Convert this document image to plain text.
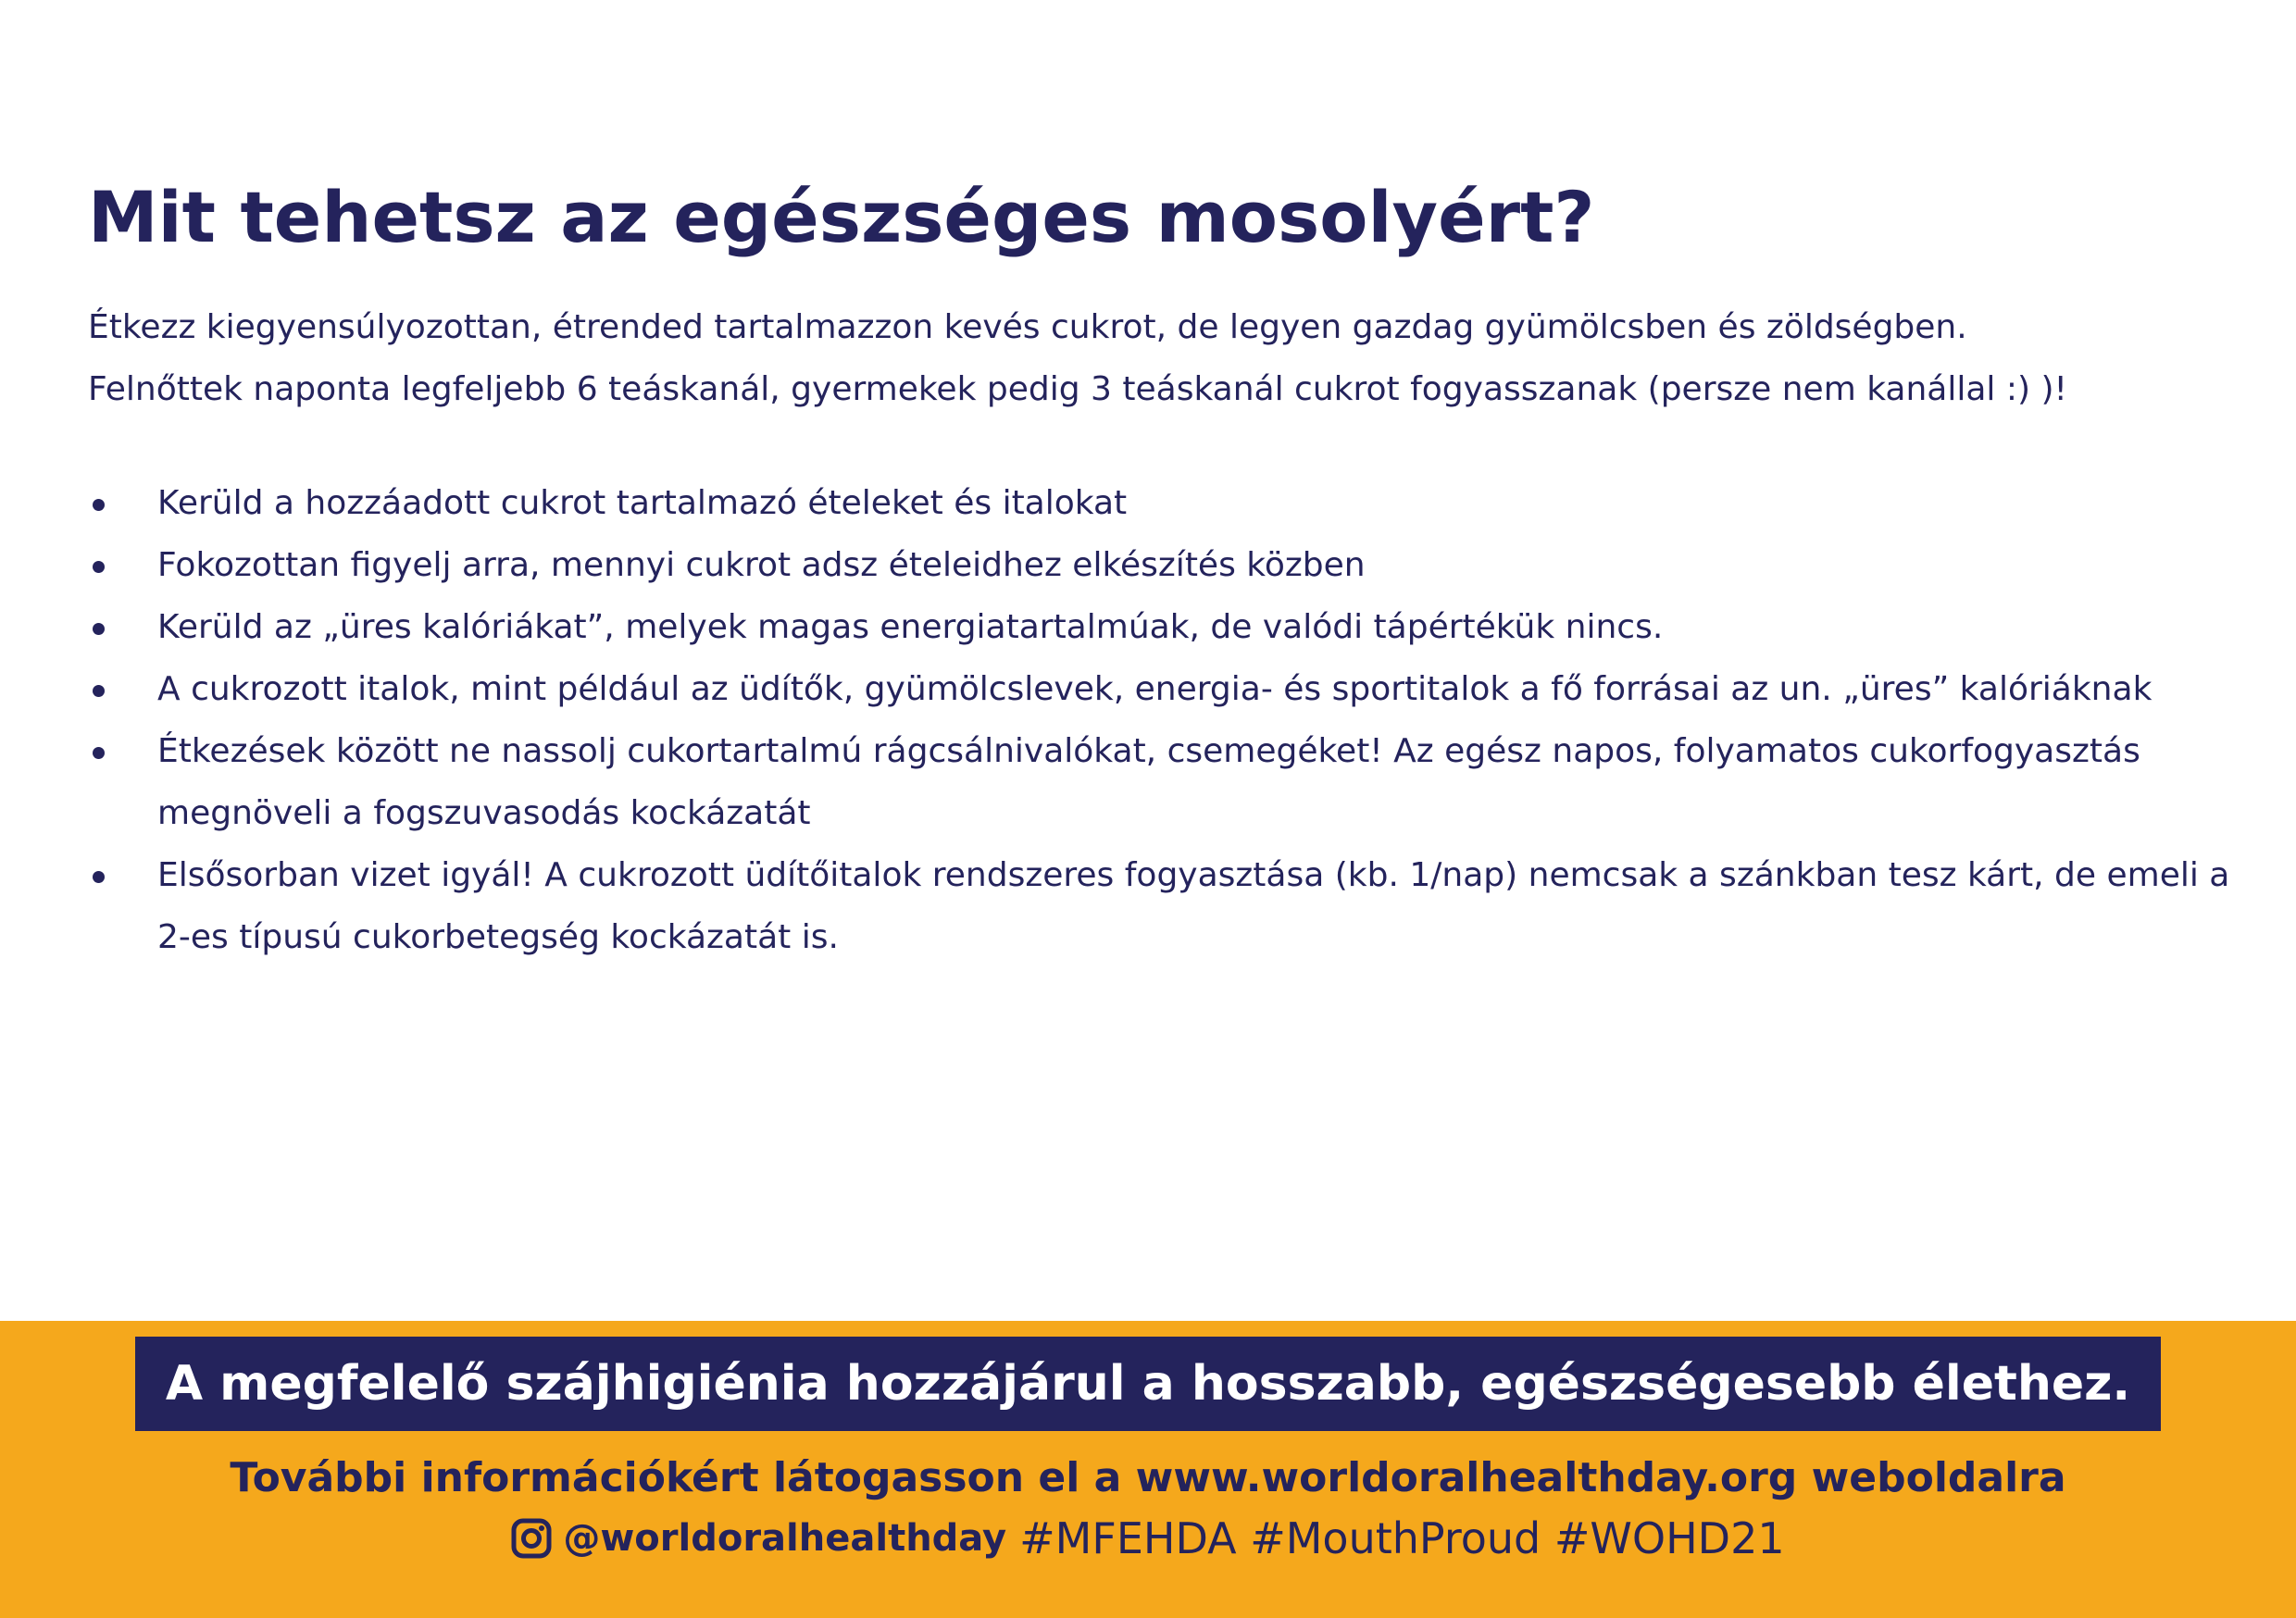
Mit tehetsz az egészséges mosolyért?

Étkezz kiegyensúlyozottan, étrended tartalmazzon kevés cukrot, de legyen gazdag gyümölcsben és zöldségben.

Felnőttek naponta legfeljebb 6 teáskanál, gyermekek pedig 3 teáskanál cukrot fogyasszanak (persze nem kanállal :) )!

Kerüld a hozzáadott cukrot tartalmazó ételeket és italokat
Fokozottan figyelj arra, mennyi cukrot adsz ételeidhez elkészítés közben
Kerüld az „üres kalóriákat”, melyek magas energiatartalmúak, de valódi tápértékük nincs.
A cukrozott italok, mint például az üdítők, gyümölcslevek, energia- és sportitalok a fő forrásai az un. „üres” kalóriáknak
Étkezések között ne nassolj cukortartalmú rágcsálnivalókat, csemegéket! Az egész napos, folyamatos cukorfogyasztás megnöveli a fogszuvasodás kockázatát
Elsősorban vizet igyál! A cukrozott üdítőitalok rendszeres fogyasztása (kb. 1/nap) nemcsak a szánkban tesz kárt, de emeli a 2-es típusú cukorbetegség kockázatát is.
A megfelelő szájhigiénia hozzájárul a hosszabb, egészségesebb élethez.
További információkért látogasson el a www.worldoralhealthday.org weboldalra
@worldoralhealthday #MFEHDA #MouthProud #WOHD21
